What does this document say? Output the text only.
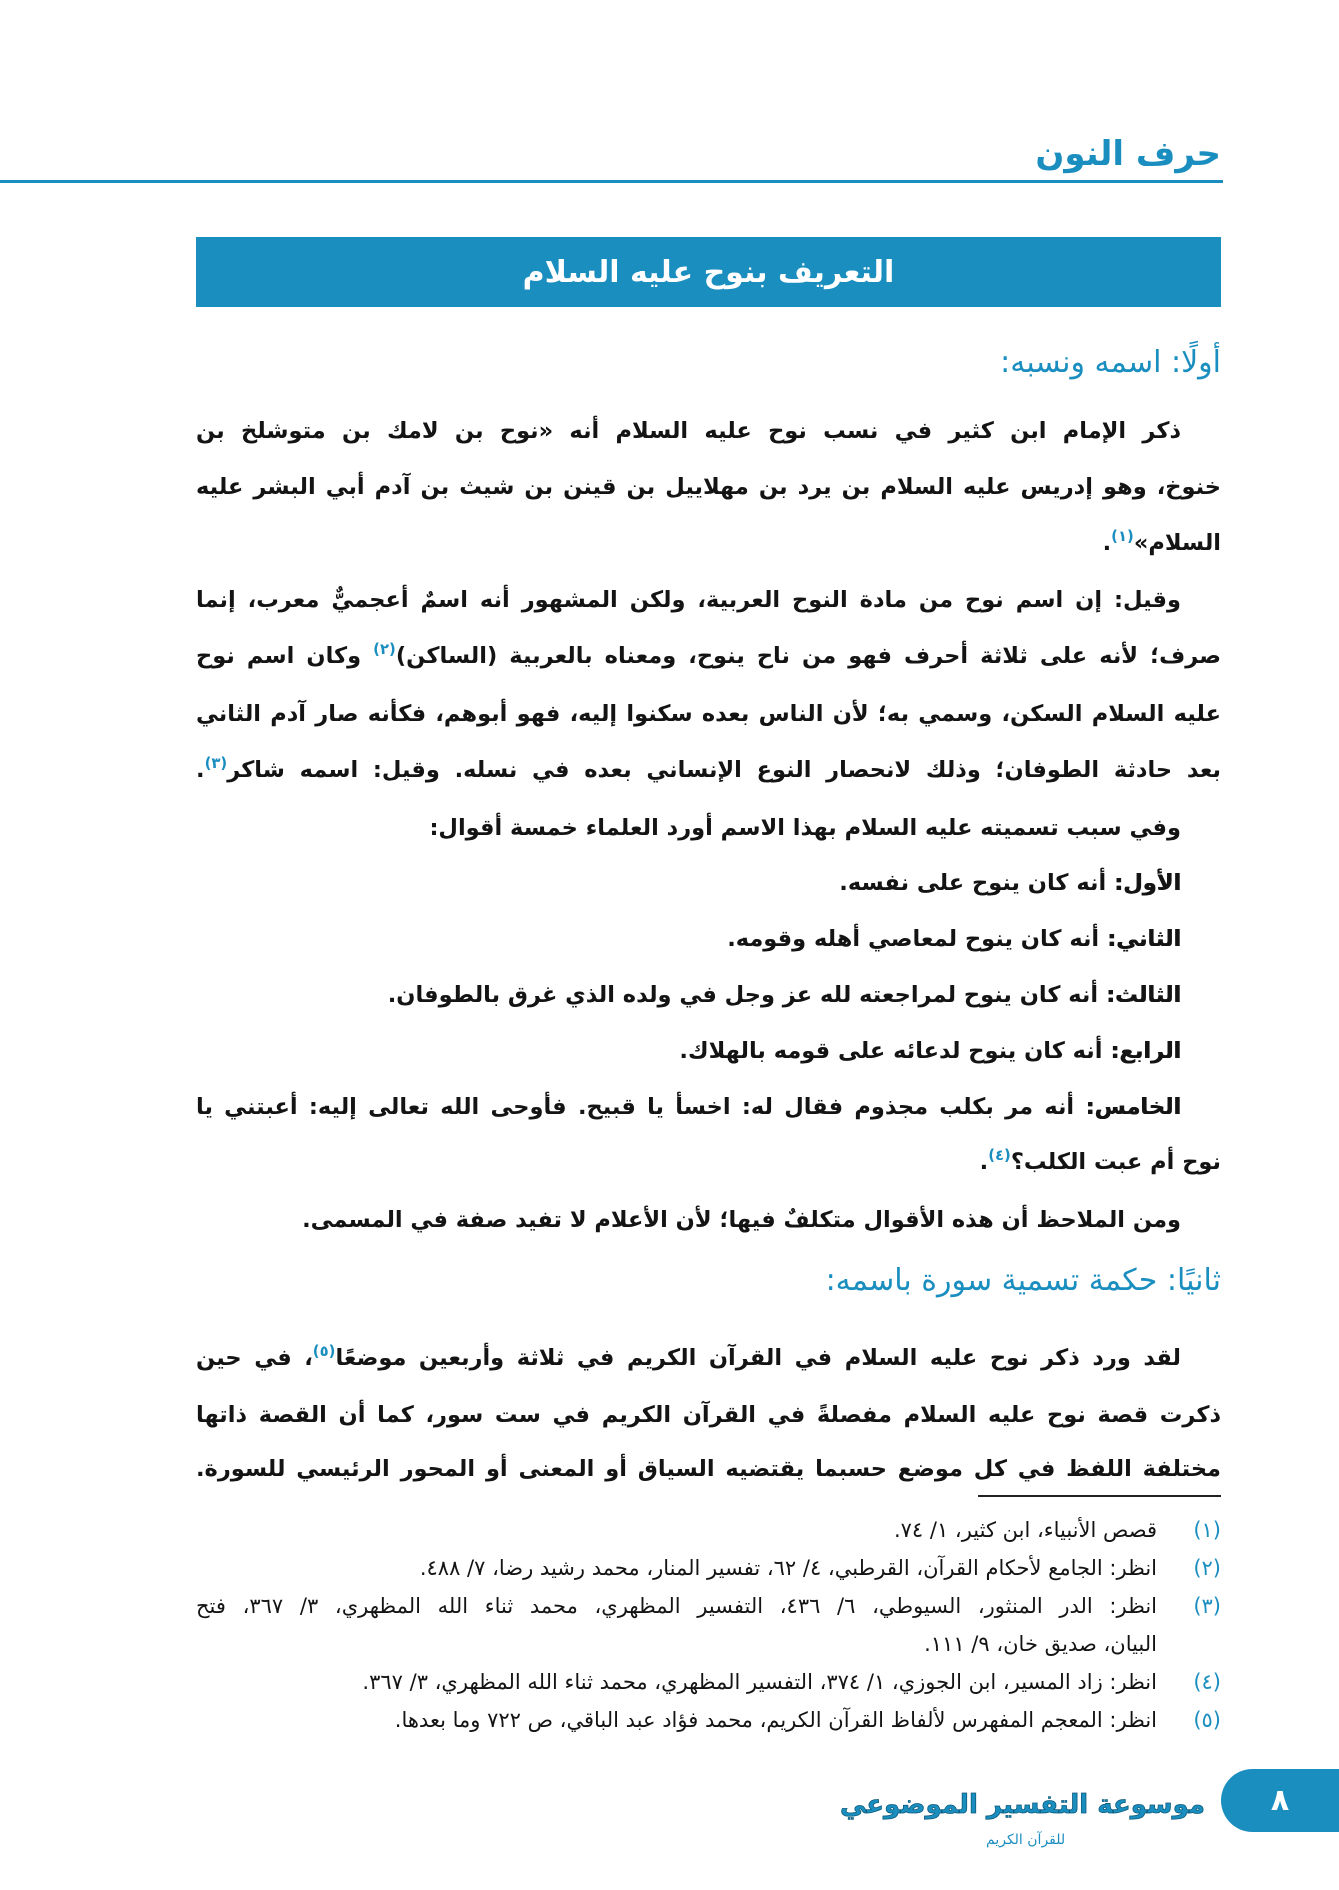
حرف النون
التعريف بنوح عليه السلام
أولًا: اسمه ونسبه:
ذكر الإمام ابن كثير في نسب نوح عليه السلام أنه «نوح بن لامك بن متوشلخ بن
خنوخ، وهو إدريس عليه السلام بن يرد بن مهلاييل بن قينن بن شيث بن آدم أبي البشر عليه
السلام»$^{(١)}$.
وقيل: إن اسم نوح من مادة النوح العربية، ولكن المشهور أنه اسمٌ أعجميٌّ معرب، إنما
صرف؛ لأنه على ثلاثة أحرف فهو من ناح ينوح، ومعناه بالعربية (الساكن)$^{(٢)}$ وكان اسم نوح
عليه السلام السكن، وسمي به؛ لأن الناس بعده سكنوا إليه، فهو أبوهم، فكأنه صار آدم الثاني
بعد حادثة الطوفان؛ وذلك لانحصار النوع الإنساني بعده في نسله. وقيل: اسمه شاكر$^{(٣)}$.
وفي سبب تسميته عليه السلام بهذا الاسم أورد العلماء خمسة أقوال:
الأول: أنه كان ينوح على نفسه.
الثاني: أنه كان ينوح لمعاصي أهله وقومه.
الثالث: أنه كان ينوح لمراجعته لله عز وجل في ولده الذي غرق بالطوفان.
الرابع: أنه كان ينوح لدعائه على قومه بالهلاك.
الخامس: أنه مر بكلب مجذوم فقال له: اخسأ يا قبيح. فأوحى الله تعالى إليه: أعبتني يا
نوح أم عبت الكلب؟$^{(٤)}$.
ومن الملاحظ أن هذه الأقوال متكلفٌ فيها؛ لأن الأعلام لا تفيد صفة في المسمى.
ثانيًا: حكمة تسمية سورة باسمه:
لقد ورد ذكر نوح عليه السلام في القرآن الكريم في ثلاثة وأربعين موضعًا$^{(٥)}$، في حين
ذكرت قصة نوح عليه السلام مفصلةً في القرآن الكريم في ست سور، كما أن القصة ذاتها
مختلفة اللفظ في كل موضع حسبما يقتضيه السياق أو المعنى أو المحور الرئيسي للسورة.
(١)
قصص الأنبياء، ابن كثير، ١/ ٧٤.
(٢)
انظر: الجامع لأحكام القرآن، القرطبي، ٤/ ٦٢، تفسير المنار، محمد رشيد رضا، ٧/ ٤٨٨.
(٣)
انظر: الدر المنثور، السيوطي، ٦/ ٤٣٦، التفسير المظهري، محمد ثناء الله المظهري، ٣/ ٣٦٧، فتح
البيان، صديق خان، ٩/ ١١١.
(٤)
انظر: زاد المسير، ابن الجوزي، ١/ ٣٧٤، التفسير المظهري، محمد ثناء الله المظهري، ٣/ ٣٦٧.
(٥)
انظر: المعجم المفهرس لألفاظ القرآن الكريم، محمد فؤاد عبد الباقي، ص ٧٢٢ وما بعدها.
موسوعة التفسير الموضوعي
للقرآن الكريم
٨
